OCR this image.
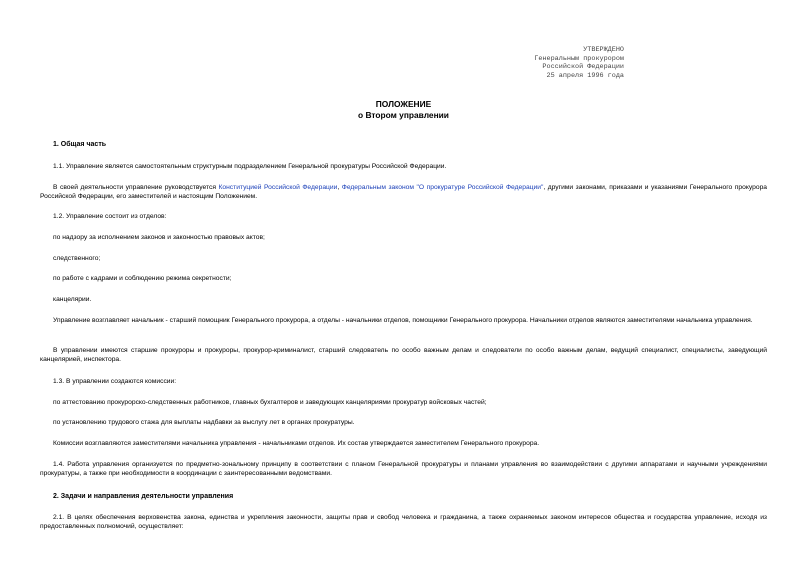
УТВЕРЖДЕНО
Генеральным прокурором
Российской Федерации
25 апреля 1996 года
ПОЛОЖЕНИЕ
о Втором управлении

1. Общая часть

1.1. Управление является самостоятельным структурным подразделением Генеральной прокуратуры Российской Федерации.

В своей деятельности управление руководствуется Конституцией Российской Федерации, Федеральным законом "О прокуратуре Российской Федерации", другими законами, приказами и указаниями Генерального прокурора Российской Федерации, его заместителей и настоящим Положением.

1.2. Управление состоит из отделов:

по надзору за исполнением законов и законностью правовых актов;

следственного;

по работе с кадрами и соблюдению режима секретности;

канцелярии.

Управление возглавляет начальник - старший помощник Генерального прокурора, а отделы - начальники отделов, помощники Генерального прокурора. Начальники отделов являются заместителями начальника управления.

В управлении имеются старшие прокуроры и прокуроры, прокурор-криминалист, старший следователь по особо важным делам и следователи по особо важным делам, ведущий специалист, специалисты, заведующий канцелярией, инспектора.

1.3. В управлении создаются комиссии:

по аттестованию прокурорско-следственных работников, главных бухгалтеров и заведующих канцеляриями прокуратур войсковых частей;

по установлению трудового стажа для выплаты надбавки за выслугу лет в органах прокуратуры.

Комиссии возглавляются заместителями начальника управления - начальниками отделов. Их состав утверждается заместителем Генерального прокурора.

1.4. Работа управления организуется по предметно-зональному принципу в соответствии с планом Генеральной прокуратуры и планами управления во взаимодействии с другими аппаратами и научными учреждениями прокуратуры, а также при необходимости в координации с заинтересованными ведомствами.

2. Задачи и направления деятельности управления

2.1. В целях обеспечения верховенства закона, единства и укрепления законности, защиты прав и свобод человека и гражданина, а также охраняемых законом интересов общества и государства управление, исходя из предоставленных полномочий, осуществляет:
